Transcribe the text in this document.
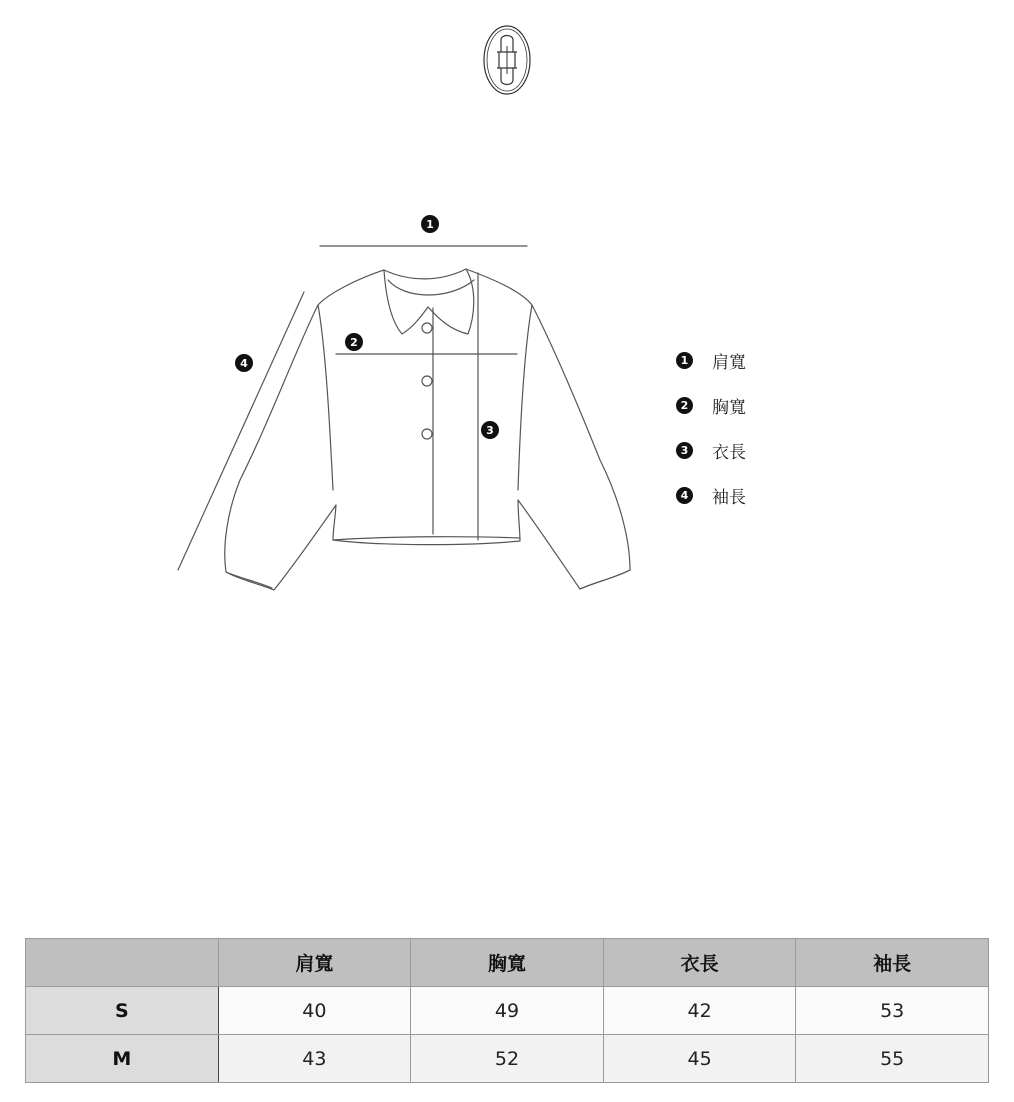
1
2
3
4	1 肩寬
2 胸寬
3 衣長
4 袖長
	肩寬	胸寬	衣長	袖長
S	40	49	42	53
M	43	52	45	55
